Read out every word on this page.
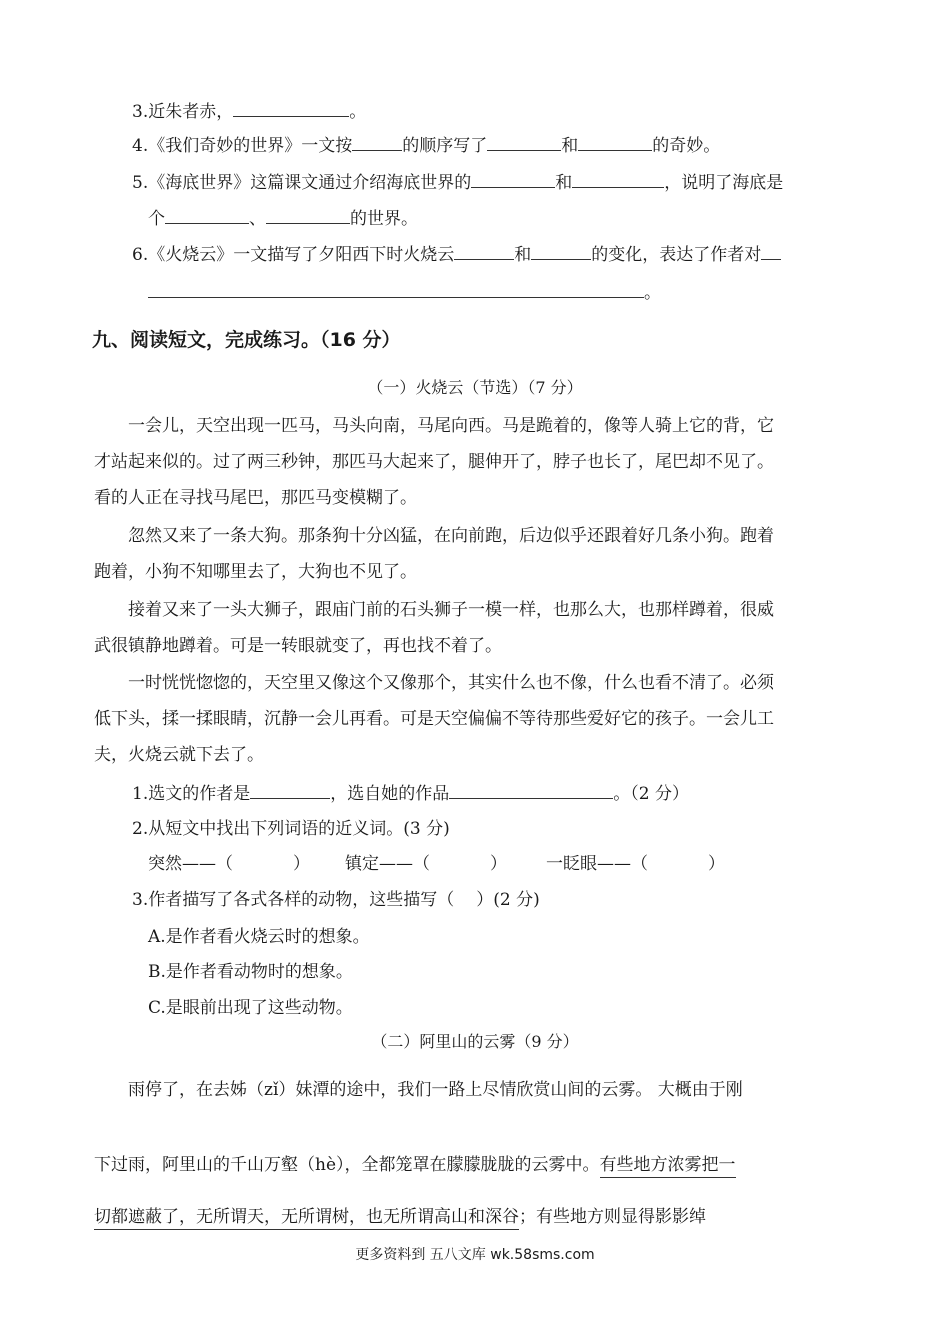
3.近朱者赤，	。
4.《我们奇妙的世界》一文按	的顺序写了	和	的奇妙。
5.《海底世界》这篇课文通过介绍海底世界的	和	，说明了海底是
个	、	的世界。
6.《火烧云》一文描写了夕阳西下时火烧云	和	的变化，表达了作者对
。
九、阅读短文，完成练习。（16 分）
（一）火烧云（节选）（7 分）
一会儿，天空出现一匹马，马头向南，马尾向西。马是跪着的，像等人骑上它的背，它
才站起来似的。过了两三秒钟，那匹马大起来了，腿伸开了，脖子也长了，尾巴却不见了。
看的人正在寻找马尾巴，那匹马变模糊了。
忽然又来了一条大狗。那条狗十分凶猛，在向前跑，后边似乎还跟着好几条小狗。跑着
跑着，小狗不知哪里去了，大狗也不见了。
接着又来了一头大狮子，跟庙门前的石头狮子一模一样，也那么大，也那样蹲着，很威
武很镇静地蹲着。可是一转眼就变了，再也找不着了。
一时恍恍惚惚的，天空里又像这个又像那个，其实什么也不像，什么也看不清了。必须
低下头，揉一揉眼睛，沉静一会儿再看。可是天空偏偏不等待那些爱好它的孩子。一会儿工
夫，火烧云就下去了。
1.选文的作者是	，选自她的作品	。（2 分）
2.从短文中找出下列词语的近义词。(3 分)
突然——（	） 镇定——（	） 一眨眼——（	）
3.作者描写了各式各样的动物，这些描写（ ）(2 分)
A.是作者看火烧云时的想象。
B.是作者看动物时的想象。
C.是眼前出现了这些动物。
（二）阿里山的云雾（9 分）
雨停了，在去姊（zǐ）妹潭的途中，我们一路上尽情欣赏山间的云雾。 大概由于刚
下过雨，阿里山的千山万壑（hè），全都笼罩在朦朦胧胧的云雾中。有些地方浓雾把一
切都遮蔽了，无所谓天，无所谓树，也无所谓高山和深谷；有些地方则显得影影绰
更多资料到 五八文库 wk.58sms.com
